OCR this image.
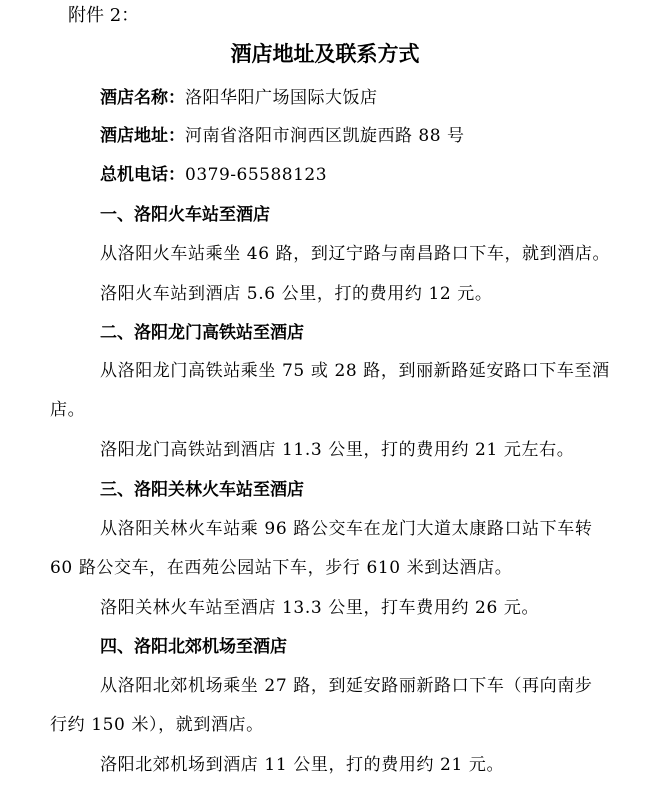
附件 2：
酒店地址及联系方式
酒店名称：洛阳华阳广场国际大饭店
酒店地址：河南省洛阳市涧西区凯旋西路 88 号
总机电话：0379-65588123
一、洛阳火车站至酒店
从洛阳火车站乘坐 46 路，到辽宁路与南昌路口下车，就到酒店。
洛阳火车站到酒店 5.6 公里，打的费用约 12 元。
二、洛阳龙门高铁站至酒店
从洛阳龙门高铁站乘坐 75 或 28 路，到丽新路延安路口下车至酒
店。
洛阳龙门高铁站到酒店 11.3 公里，打的费用约 21 元左右。
三、洛阳关林火车站至酒店
从洛阳关林火车站乘 96 路公交车在龙门大道太康路口站下车转
60 路公交车，在西苑公园站下车，步行 610 米到达酒店。
洛阳关林火车站至酒店 13.3 公里，打车费用约 26 元。
四、洛阳北郊机场至酒店
从洛阳北郊机场乘坐 27 路，到延安路丽新路口下车（再向南步
行约 150 米），就到酒店。
洛阳北郊机场到酒店 11 公里，打的费用约 21 元。
